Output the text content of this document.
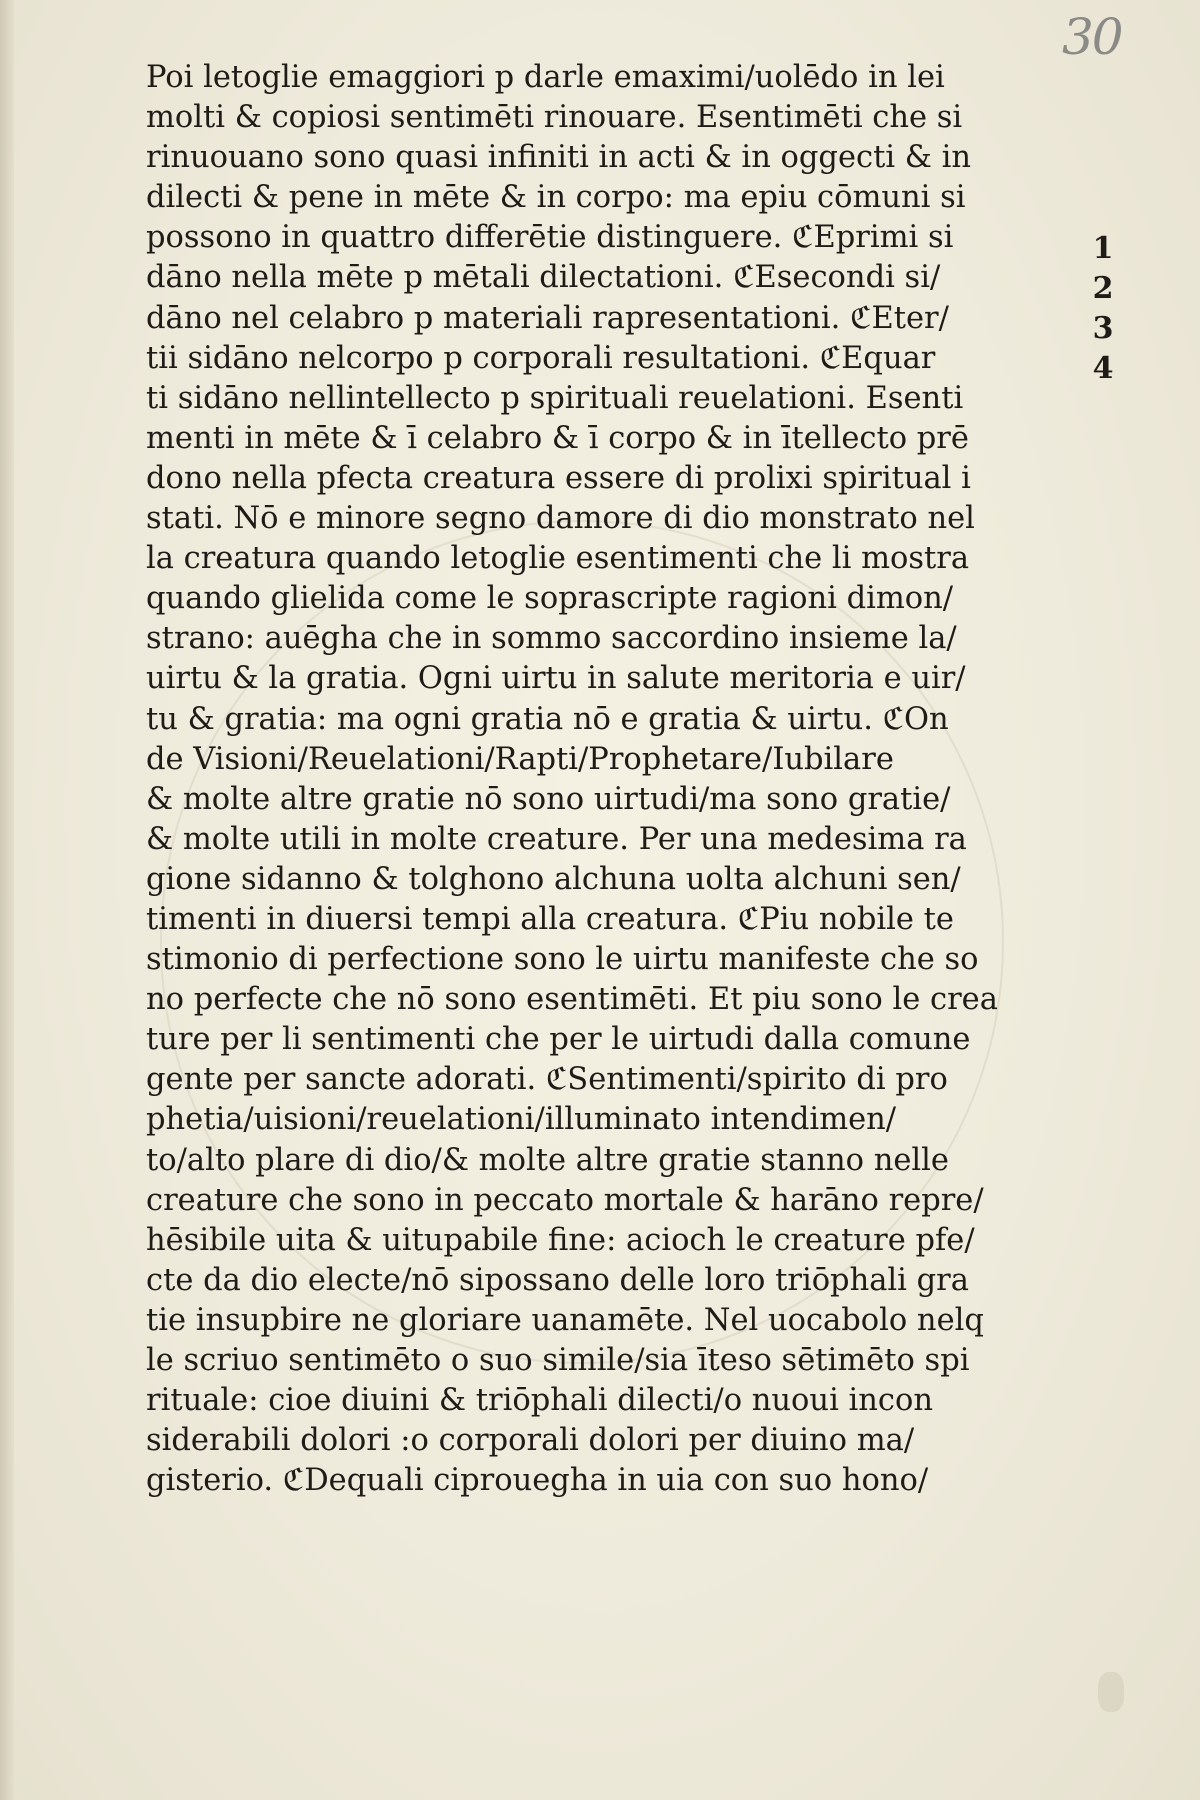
30
Poi letoglie emaggiori p darle emaximi/uolēdo in lei
molti & copiosi sentimēti rinouare. Esentimēti che si
rinuouano sono quasi infiniti in acti & in oggecti & in
dilecti & pene in mēte & in corpo: ma epiu cōmuni si
possono in quattro differētie distinguere. ℭEprimi si
dāno nella mēte p mētali dilectationi. ℭEsecondi si/
dāno nel celabro p materiali rapresentationi. ℭEter/
tii sidāno nelcorpo p corporali resultationi. ℭEquar
ti sidāno nellintellecto p spirituali reuelationi. Esenti
menti in mēte & ī celabro & ī corpo & in ītellecto prē
dono nella pfecta creatura essere di prolixi spiritual i
stati. Nō e minore segno damore di dio monstrato nel
la creatura quando letoglie esentimenti che li mostra
quando glielida come le soprascripte ragioni dimon/
strano: auēgha che in sommo saccordino insieme la/
uirtu & la gratia. Ogni uirtu in salute meritoria e uir/
tu & gratia: ma ogni gratia nō e gratia & uirtu. ℭOn
de Visioni/Reuelationi/Rapti/Prophetare/Iubilare
& molte altre gratie nō sono uirtudi/ma sono gratie/
& molte utili in molte creature. Per una medesima ra
gione sidanno & tolghono alchuna uolta alchuni sen/
timenti in diuersi tempi alla creatura. ℭPiu nobile te
stimonio di perfectione sono le uirtu manifeste che so
no perfecte che nō sono esentimēti. Et piu sono le crea
ture per li sentimenti che per le uirtudi dalla comune
gente per sancte adorati. ℭSentimenti/spirito di pro
phetia/uisioni/reuelationi/illuminato intendimen/
to/alto plare di dio/& molte altre gratie stanno nelle
creature che sono in peccato mortale & harāno repre/
hēsibile uita & uitupabile fine: acioch le creature pfe/
cte da dio electe/nō sipossano delle loro triōphali gra
tie insupbire ne gloriare uanamēte. Nel uocabolo nelq
le scriuo sentimēto o suo simile/sia īteso sētimēto spi
rituale: cioe diuini & triōphali dilecti/o nuoui incon
siderabili dolori :o corporali dolori per diuino ma/
gisterio. ℭDequali ciprouegha in uia con suo hono/
1
2
3
4
